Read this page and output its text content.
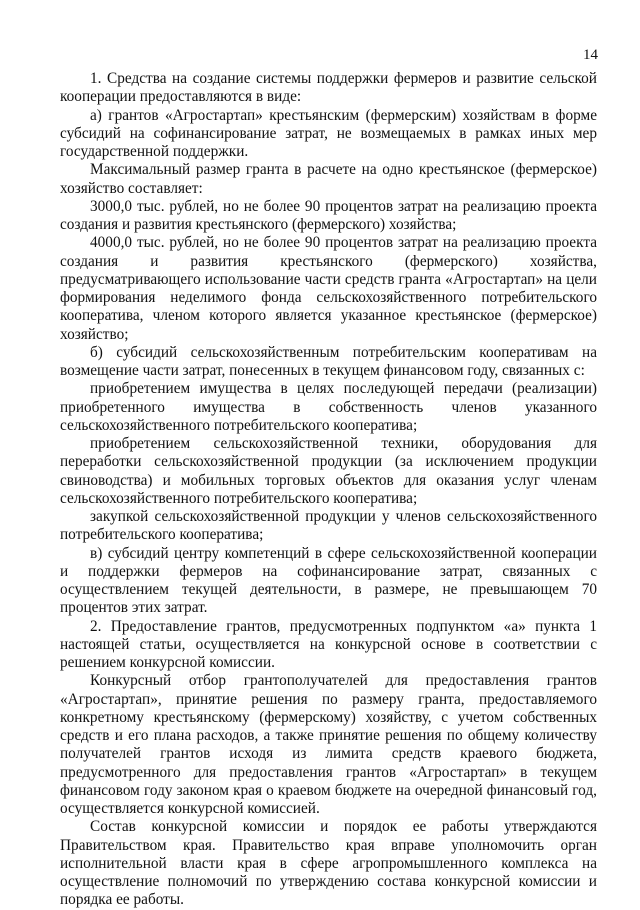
14

1. Средства на создание системы поддержки фермеров и развитие сельской кооперации предоставляются в виде:

а) грантов «Агростартап» крестьянским (фермерским) хозяйствам в форме субсидий на софинансирование затрат, не возмещаемых в рамках иных мер государственной поддержки.

Максимальный размер гранта в расчете на одно крестьянское (фермерское) хозяйство составляет:

3000,0 тыс. рублей, но не более 90 процентов затрат на реализацию проекта создания и развития крестьянского (фермерского) хозяйства;

4000,0 тыс. рублей, но не более 90 процентов затрат на реализацию проекта создания и развития крестьянского (фермерского) хозяйства, предусматривающего использование части средств гранта «Агростартап» на цели формирования неделимого фонда сельскохозяйственного потребительского кооператива, членом которого является указанное крестьянское (фермерское) хозяйство;

б) субсидий сельскохозяйственным потребительским кооперативам на возмещение части затрат, понесенных в текущем финансовом году, связанных с:

приобретением имущества в целях последующей передачи (реализации) приобретенного имущества в собственность членов указанного сельскохозяйственного потребительского кооператива;

приобретением сельскохозяйственной техники, оборудования для переработки сельскохозяйственной продукции (за исключением продукции свиноводства) и мобильных торговых объектов для оказания услуг членам сельскохозяйственного потребительского кооператива;

закупкой сельскохозяйственной продукции у членов сельскохозяйственного потребительского кооператива;

в) субсидий центру компетенций в сфере сельскохозяйственной кооперации и поддержки фермеров на софинансирование затрат, связанных с осуществлением текущей деятельности, в размере, не превышающем 70 процентов этих затрат.

2. Предоставление грантов, предусмотренных подпунктом «а» пункта 1 настоящей статьи, осуществляется на конкурсной основе в соответствии с решением конкурсной комиссии.

Конкурсный отбор грантополучателей для предоставления грантов «Агростартап», принятие решения по размеру гранта, предоставляемого конкретному крестьянскому (фермерскому) хозяйству, с учетом собственных средств и его плана расходов, а также принятие решения по общему количеству получателей грантов исходя из лимита средств краевого бюджета, предусмотренного для предоставления грантов «Агростартап» в текущем финансовом году законом края о краевом бюджете на очередной финансовый год, осуществляется конкурсной комиссией.

Состав конкурсной комиссии и порядок ее работы утверждаются Правительством края. Правительство края вправе уполномочить орган исполнительной власти края в сфере агропромышленного комплекса на осуществление полномочий по утверждению состава конкурсной комиссии и порядка ее работы.
